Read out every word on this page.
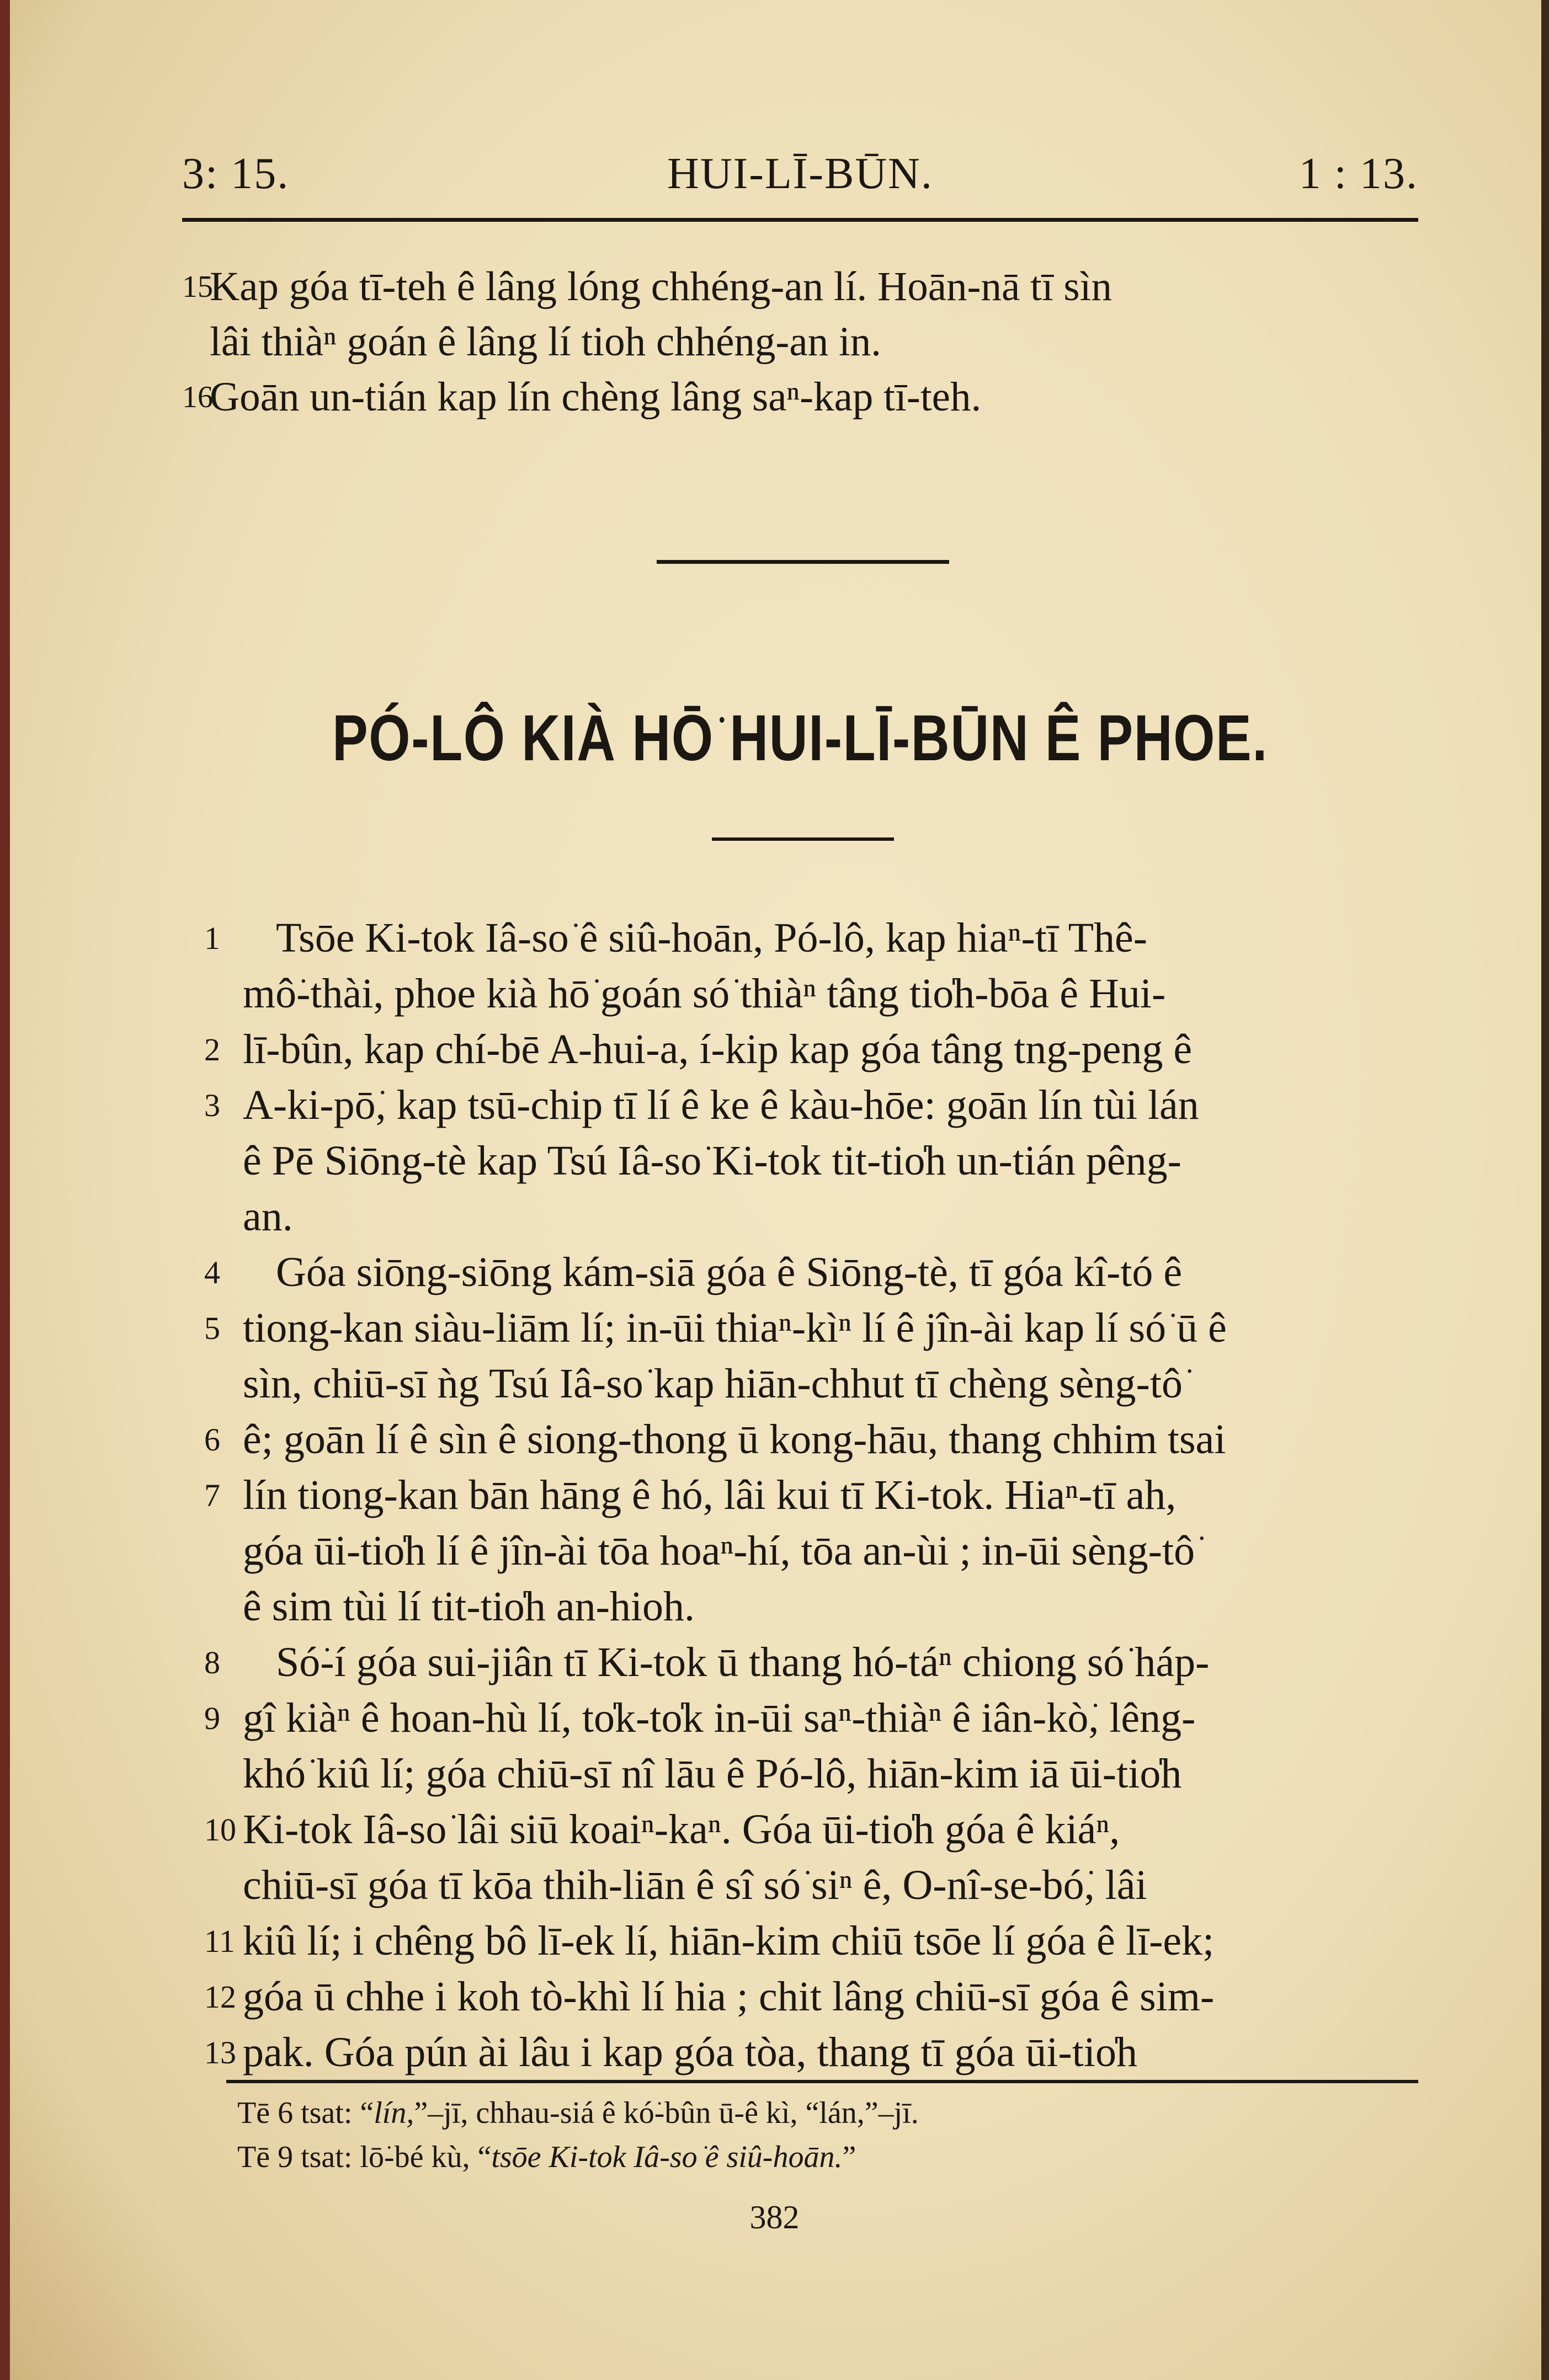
3: 15.	HUI-LĪ-BŪN.	1 : 13.
15
Kap góa tī-teh ê lâng lóng chhéng-an lí. Hoān-nā tī sìn
lâi thiàⁿ goán ê lâng lí tioh chhéng-an in.
16
Goān un-tián kap lín chèng lâng saⁿ-kap tī-teh.
PÓ-LÔ KIÀ HŌ͘ HUI-LĪ-BŪN Ê PHOE.
1 Tsōe Ki-tok Iâ-so͘ ê siû-hoān, Pó-lô, kap hiaⁿ-tī Thê-
mô͘-thài, phoe kià hō͘ goán só͘ thiàⁿ tâng tio̍h-bōa ê Hui-
2 lī-bûn, kap chí-bē A-hui-a, í-kip kap góa tâng tng-peng ê
3 A-ki-pō͘, kap tsū-chip tī lí ê ke ê kàu-hōe: goān lín tùi lán
ê Pē Siōng-tè kap Tsú Iâ-so͘ Ki-tok tit-tio̍h un-tián pêng-
an.
4 Góa siōng-siōng kám-siā góa ê Siōng-tè, tī góa kî-tó ê
5 tiong-kan siàu-liām lí; in-ūi thiaⁿ-kìⁿ lí ê jîn-ài kap lí só͘ ū ê
sìn, chiū-sī ǹg Tsú Iâ-so͘ kap hiān-chhut tī chèng sèng-tô͘
6 ê; goān lí ê sìn ê siong-thong ū kong-hāu, thang chhim tsai
7 lín tiong-kan bān hāng ê hó, lâi kui tī Ki-tok. Hiaⁿ-tī ah,
góa ūi-tio̍h lí ê jîn-ài tōa hoaⁿ-hí, tōa an-ùi ; in-ūi sèng-tô͘
ê sim tùi lí tit-tio̍h an-hioh.
8 Só͘-í góa sui-jiân tī Ki-tok ū thang hó-táⁿ chiong só͘ háp-
9 gî kiàⁿ ê hoan-hù lí, to̍k-to̍k in-ūi saⁿ-thiàⁿ ê iân-kò͘, lêng-
khó͘ kiû lí; góa chiū-sī nî lāu ê Pó-lô, hiān-kim iā ūi-tio̍h
10 Ki-tok Iâ-so͘ lâi siū koaiⁿ-kaⁿ. Góa ūi-tio̍h góa ê kiáⁿ,
chiū-sī góa tī kōa thih-liān ê sî só͘ siⁿ ê, O-nî-se-bó͘, lâi
11 kiû lí; i chêng bô lī-ek lí, hiān-kim chiū tsōe lí góa ê lī-ek;
12 góa ū chhe i koh tò-khì lí hia ; chit lâng chiū-sī góa ê sim-
13 pak. Góa pún ài lâu i kap góa tòa, thang tī góa ūi-tio̍h
Tē 6 tsat: “lín,”–jī, chhau-siá ê kó͘-bûn ū-ê kì, “lán,”–jī.
Tē 9 tsat: lō͘-bé kù, “tsōe Ki-tok Iâ-so͘ ê siû-hoān.”
382
